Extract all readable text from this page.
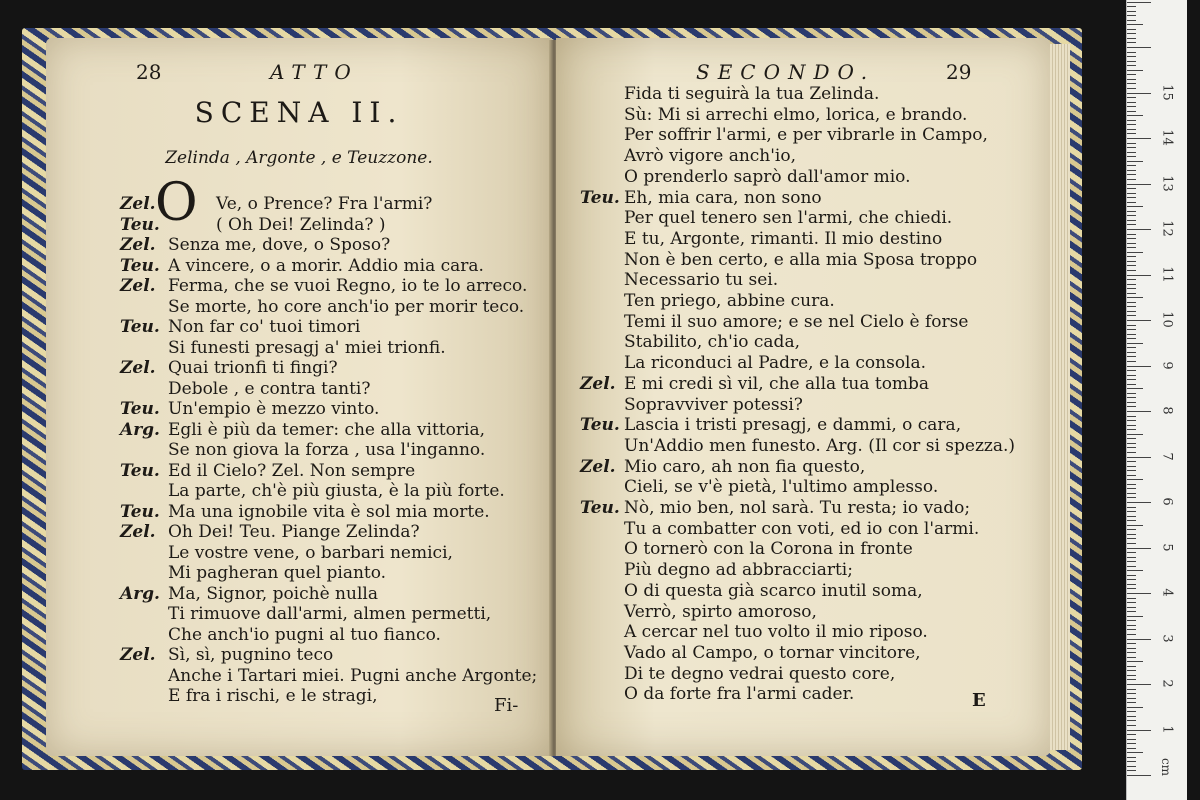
28	ATTO
SCENA II.
Zelinda , Argonte , e Teuzzone.
O
Zel.	Ve, o Prence? Fra l'armi?
Teu.	( Oh Dei! Zelinda? )
Zel. Senza me, dove, o Sposo?
Teu. A vincere, o a morir. Addio mia cara.
Zel. Ferma, che se vuoi Regno, io te lo arreco.
Se morte, ho core anch'io per morir teco.
Teu. Non far co' tuoi timori
Si funesti presagj a' miei trionfi.
Zel. Quai trionfi ti fingi?
Debole , e contra tanti?
Teu. Un'empio è mezzo vinto.
Arg. Egli è più da temer: che alla vittoria,
Se non giova la forza , usa l'inganno.
Teu. Ed il Cielo? Zel. Non sempre
La parte, ch'è più giusta, è la più forte.
Teu. Ma una ignobile vita è sol mia morte.
Zel. Oh Dei! Teu. Piange Zelinda?
Le vostre vene, o barbari nemici,
Mi pagheran quel pianto.
Arg. Ma, Signor, poichè nulla
Ti rimuove dall'armi, almen permetti,
Che anch'io pugni al tuo fianco.
Zel. Sì, sì, pugnino teco
Anche i Tartari miei. Pugni anche Argonte;
E fra i rischi, e le stragi,	Fi-
SECONDO.	29
Fida ti seguirà la tua Zelinda.
Sù: Mi si arrechi elmo, lorica, e brando.
Per soffrir l'armi, e per vibrarle in Campo,
Avrò vigore anch'io,
O prenderlo saprò dall'amor mio.
Teu. Eh, mia cara, non sono
Per quel tenero sen l'armi, che chiedi.
E tu, Argonte, rimanti. Il mio destino
Non è ben certo, e alla mia Sposa troppo
Necessario tu sei.
Ten priego, abbine cura.
Temi il suo amore; e se nel Cielo è forse
Stabilito, ch'io cada,
La riconduci al Padre, e la consola.
Zel. E mi credi sì vil, che alla tua tomba
Sopravviver potessi?
Teu. Lascia i tristi presagj, e dammi, o cara,
Un'Addio men funesto. Arg. (Il cor si spezza.)
Zel. Mio caro, ah non fia questo,
Cieli, se v'è pietà, l'ultimo amplesso.
Teu. Nò, mio ben, nol sarà. Tu resta; io vado;
Tu a combatter con voti, ed io con l'armi.
O tornerò con la Corona in fronte
Più degno ad abbracciarti;
O di questa già scarco inutil soma,
Verrò, spirto amoroso,
A cercar nel tuo volto il mio riposo.
Vado al Campo, o tornar vincitore,
Di te degno vedrai questo core,
O da forte fra l'armi cader.	E
cm
1
2
3
4
5
6
7
8
9
10
11
12
13
14
15
